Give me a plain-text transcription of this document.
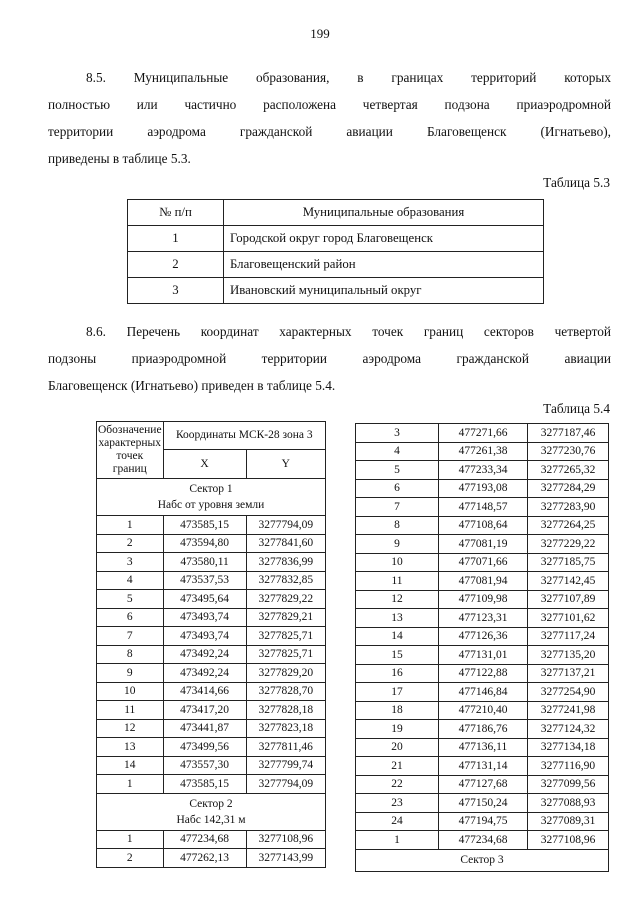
199
8.5. Муниципальные образования, в границах территорий которых
полностью или частично расположена четвертая подзона приаэродромной
территории аэродрома гражданской авиации Благовещенск (Игнатьево),
приведены в таблице 5.3.
Таблица 5.3
№ п/п	Муниципальные образования
1	Городской округ город Благовещенск
2	Благовещенский район
3	Ивановский муниципальный округ
8.6. Перечень координат характерных точек границ секторов четвертой
подзоны приаэродромной территории аэродрома гражданской авиации
Благовещенск (Игнатьево) приведен в таблице 5.4.
Таблица 5.4
Обозначение характерных точек границ	Координаты МСК-28 зона 3	
	X	Y

Сектор 1
Набс от уровня земли		

1	473585,15	3277794,09
2	473594,80	3277841,60
3	473580,11	3277836,99
4	473537,53	3277832,85
5	473495,64	3277829,22
6	473493,74	3277829,21
7	473493,74	3277825,71
8	473492,24	3277825,71
9	473492,24	3277829,20
10	473414,66	3277828,70
11	473417,20	3277828,18
12	473441,87	3277823,18
13	473499,56	3277811,46
14	473557,30	3277799,74
1	473585,15	3277794,09

Сектор 2
Набс 142,31 м		

1	477234,68	3277108,96
2	477262,13	3277143,99
3	477271,66	3277187,46
4	477261,38	3277230,76
5	477233,34	3277265,32
6	477193,08	3277284,29
7	477148,57	3277283,90
8	477108,64	3277264,25
9	477081,19	3277229,22
10	477071,66	3277185,75
11	477081,94	3277142,45
12	477109,98	3277107,89
13	477123,31	3277101,62
14	477126,36	3277117,24
15	477131,01	3277135,20
16	477122,88	3277137,21
17	477146,84	3277254,90
18	477210,40	3277241,98
19	477186,76	3277124,32
20	477136,11	3277134,18
21	477131,14	3277116,90
22	477127,68	3277099,56
23	477150,24	3277088,93
24	477194,75	3277089,31
1	477234,68	3277108,96

Сектор 3		
